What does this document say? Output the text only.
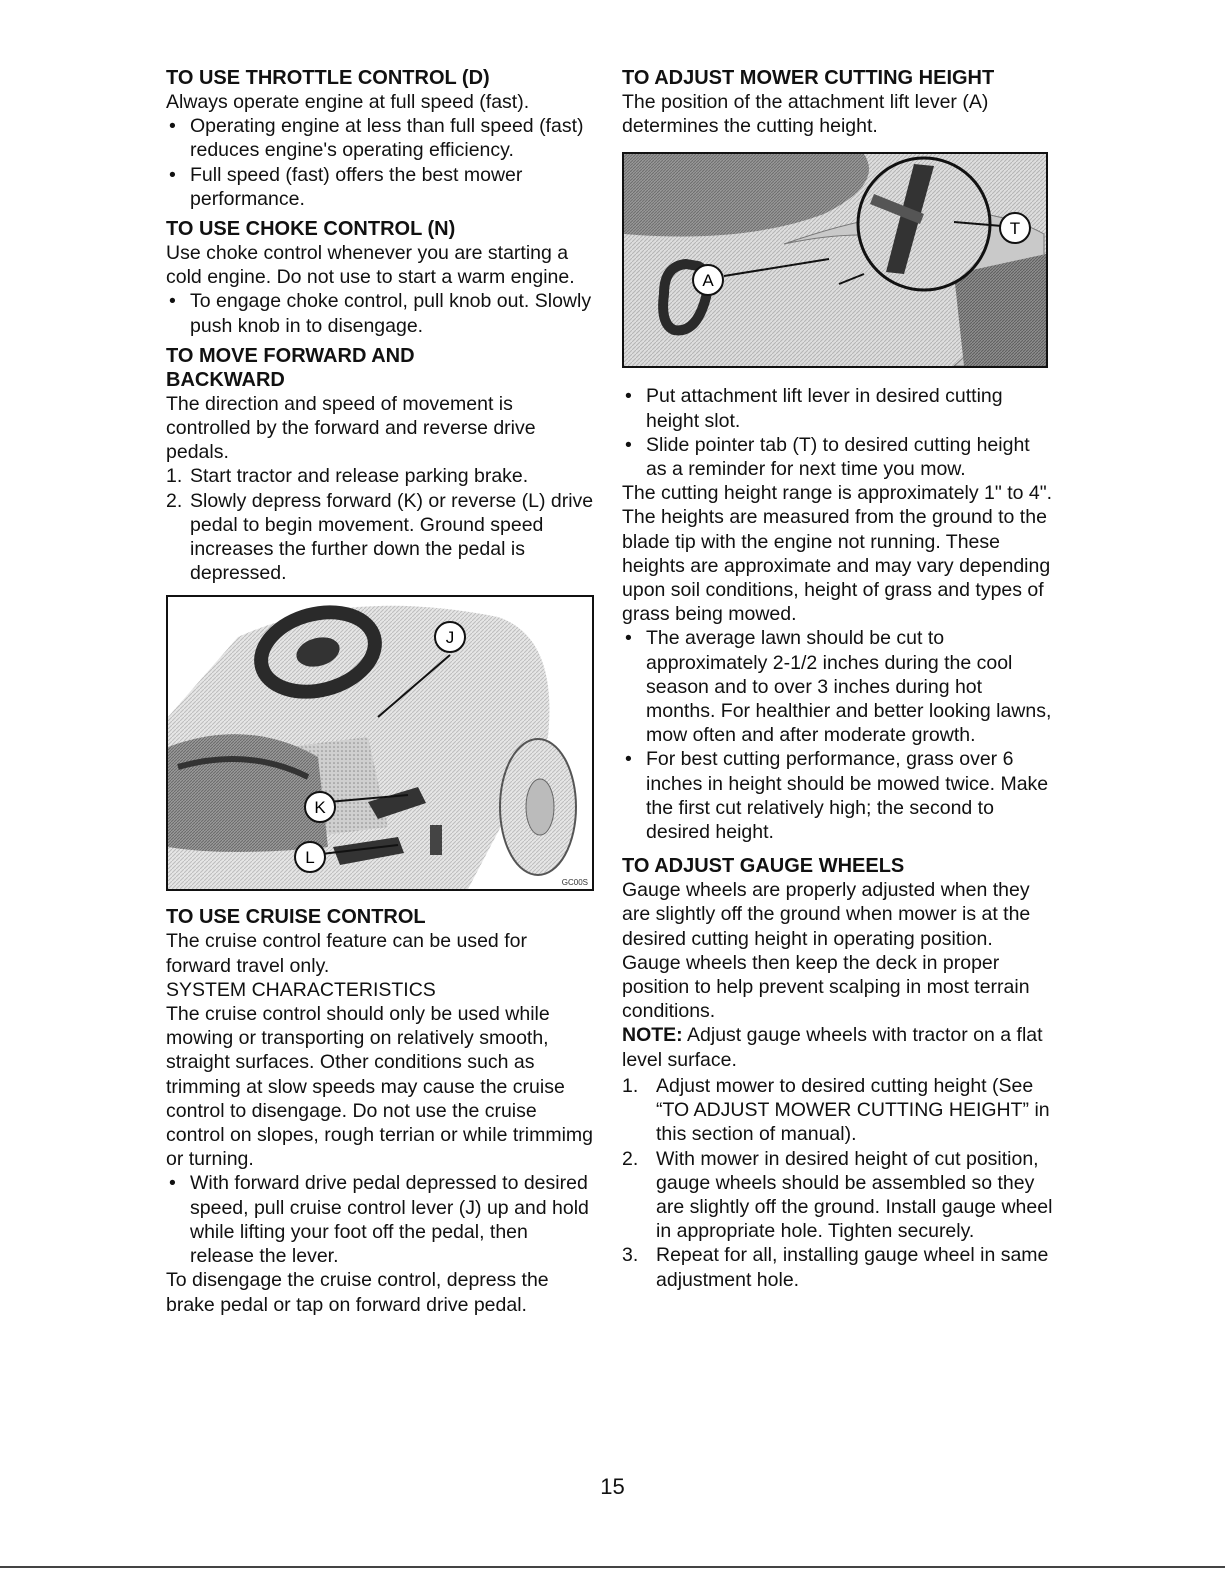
TO USE THROTTLE CONTROL (D)

Always operate engine at full speed (fast).

• Operating engine at less than full speed (fast) reduces engine's operating efficiency.
• Full speed (fast) offers the best mower performance.
TO USE CHOKE CONTROL (N)

Use choke control whenever you are starting a cold engine. Do not use to start a warm engine.

• To engage choke control, pull knob out. Slowly push knob in to disengage.
TO MOVE FORWARD AND
BACKWARD

The direction and speed of movement is controlled by the forward and reverse drive pedals.

1. Start tractor and release parking brake.
2. Slowly depress forward (K) or reverse (L) drive pedal to begin movement. Ground speed increases the further down the pedal is depressed.
J
K
L
GC00S
TO USE CRUISE CONTROL

The cruise control feature can be used for forward travel only.

SYSTEM CHARACTERISTICS

The cruise control should only be used while mowing or transporting on relatively smooth, straight surfaces. Other conditions such as trimming at slow speeds may cause the cruise control to disengage. Do not use the cruise control on slopes, rough terrian or while trimmimg or turning.

• With forward drive pedal depressed to desired speed, pull cruise control lever (J) up and hold while lifting your foot off the pedal, then release the lever.

To disengage the cruise control, depress the brake pedal or tap on forward drive pedal.

TO ADJUST MOWER CUTTING HEIGHT

The position of the attachment lift lever (A) determines the cutting height.

A
T
• Put attachment lift lever in desired cutting height slot.
• Slide pointer tab (T) to desired cutting height as a reminder for next time you mow.

The cutting height range is approximately 1" to 4". The heights are measured from the ground to the blade tip with the engine not running. These heights are approximate and may vary depending upon soil conditions, height of grass and types of grass being mowed.

• The average lawn should be cut to approximately 2-1/2 inches during the cool season and to over 3 inches during hot months. For healthier and better looking lawns, mow often and after moderate growth.
• For best cutting performance, grass over 6 inches in height should be mowed twice. Make the first cut relatively high; the second to desired height.
TO ADJUST GAUGE WHEELS

Gauge wheels are properly adjusted when they are slightly off the ground when mower is at the desired cutting height in operating position. Gauge wheels then keep the deck in proper position to help prevent scalping in most terrain conditions.

NOTE: Adjust gauge wheels with tractor on a flat level surface.

1. Adjust mower to desired cutting height (See “TO ADJUST MOWER CUTTING HEIGHT” in this section of manual).
2. With mower in desired height of cut position, gauge wheels should be assembled so they are slightly off the ground. Install gauge wheel in appropriate hole. Tighten securely.
3. Repeat for all, installing gauge wheel in same adjustment hole.
15
